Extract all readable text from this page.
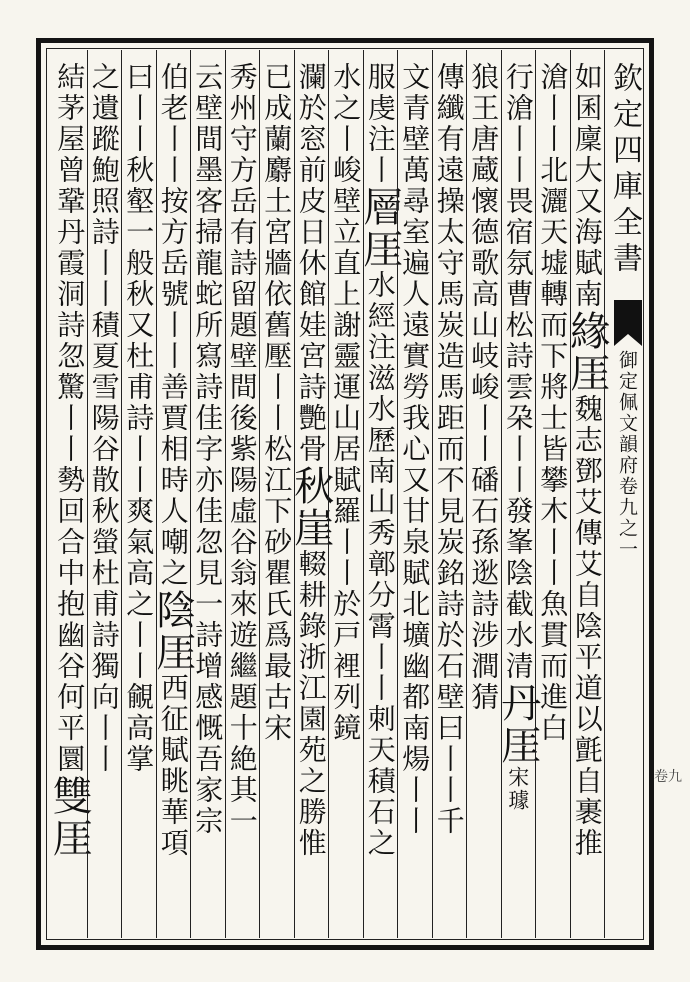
欽定四庫全書
御定佩文韻府卷九之一
如囷廩大又海賦南緣厓魏志鄧艾傳艾自陰平道以氈自裹推
滄丨丨北灑天墟轉而下將士皆攀木丨丨魚貫而進白
行滄丨丨畏宿氛曹松詩雲朶丨丨發峯陰截水清丹厓宋璩
狼王唐蔵懷德歌高山岐峻丨丨磻石孫逖詩涉澗猜
傳纖有遠操太守馬炭造馬距而不見炭銘詩於石壁曰丨丨千
文青壁萬尋室遍人遠實勞我心又甘泉賦北壙幽都南煬丨丨
服虔注丨層厓水經注滋水歷南山秀鄣分霄丨丨刺天積石之
水之丨峻壁立直上謝靈運山居賦羅丨丨於戸裡列鏡
瀾於窓前皮日休館娃宮詩艷骨秋崖輟耕錄浙江園苑之勝惟
已成蘭麝土宮牆依舊壓丨丨松江下砂瞿氏爲最古宋
秀州守方岳有詩留題壁間後紫陽虛谷翁來遊繼題十絶其一
云壁間墨客掃龍蛇所寫詩佳字亦佳忽見一詩增感慨吾家宗
伯老丨丨按方岳號丨丨善賈相時人嘲之陰厓西征賦眺華項
曰丨丨秋壑一般秋又杜甫詩丨丨爽氣高之丨丨覦高掌
之遺蹤鮑照詩丨丨積夏雪陽谷散秋螢杜甫詩獨向丨丨
結茅屋曾鞏丹霞洞詩忽驚丨丨勢回合中抱幽谷何平圜雙厓	卷九
